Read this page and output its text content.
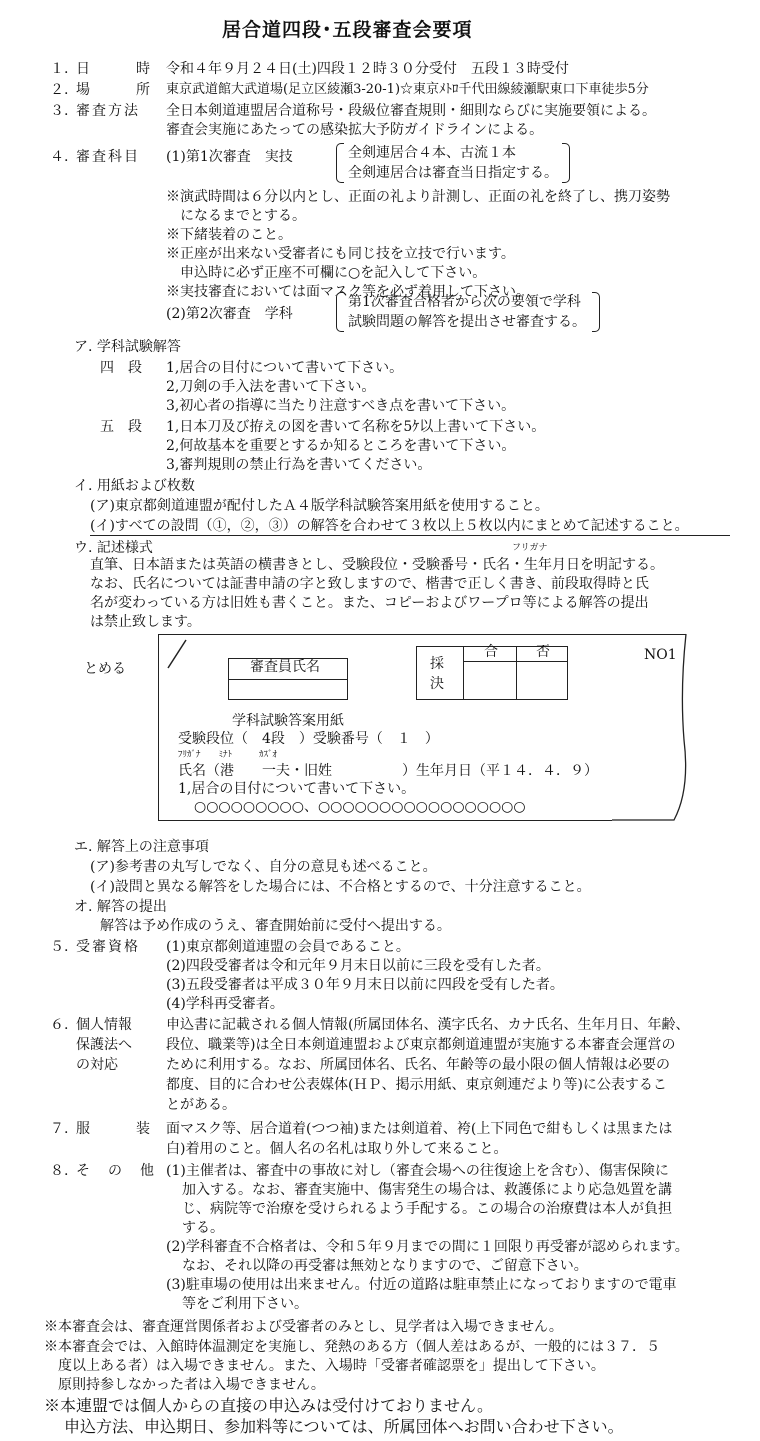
居合道四段･五段審査会要項
１. 日　　時 令和４年９月２４日(土)四段１２時３０分受付　五段１３時受付
２. 場　　所 東京武道館大武道場(足立区綾瀬3-20-1)☆東京ﾒﾄﾛ千代田線綾瀬駅東口下車徒歩5分
３. 審査方法 全日本剣道連盟居合道称号・段級位審査規則・細則ならびに実施要領による。
審査会実施にあたっての感染拡大予防ガイドラインによる。
４. 審査科目 (1)第1次審査　実技	全剣連居合４本、古流１本
全剣連居合は審査当日指定する。
※演武時間は６分以内とし、正面の礼より計測し、正面の礼を終了し、携刀姿勢
になるまでとする。
※下緒装着のこと。
※正座が出来ない受審者にも同じ技を立技で行います。
申込時に必ず正座不可欄に○を記入して下さい。
※実技審査においては面マスク等を必ず着用して下さい。
(2)第2次審査　学科
第1次審査合格者から次の要領で学科
試験問題の解答を提出させ審査する。
ア. 学科試験解答
四　段 1,居合の目付について書いて下さい。
2,刀剣の手入法を書いて下さい。
3,初心者の指導に当たり注意すべき点を書いて下さい。
五　段 1,日本刀及び拵えの図を書いて名称を5ｹ以上書いて下さい。
2,何故基本を重要とするか知るところを書いて下さい。
3,審判規則の禁止行為を書いてください。
イ. 用紙および枚数
(ア)東京都剣道連盟が配付したＡ４版学科試験答案用紙を使用すること。
(イ)すべての設問（①，②，③）の解答を合わせて３枚以上５枚以内にまとめて記述すること。
ウ. 記述様式	フリガナ
直筆、日本語または英語の横書きとし、受験段位・受験番号・氏名・生年月日を明記する。
なお、氏名については証書申請の字と致しますので、楷書で正しく書き、前段取得時と氏
名が変わっている方は旧姓も書くこと。また、コピーおよびワープロ等による解答の提出
は禁止致します。
とめる	審査員氏名	採
決
合	否	NO1
学科試験答案用紙
受験段位（　4段　）受験番号（　１　）
ﾌﾘｶﾞﾅ　　ﾐﾅﾄ　　　ｶｽﾞｵ
氏名（港　　一夫・旧姓　　　　　）生年月日（平１４．４．９）
1,居合の目付について書いて下さい。
○○○○○○○○○、○○○○○○○○○○○○○○○○○
エ. 解答上の注意事項
(ア)参考書の丸写しでなく、自分の意見も述べること。
(イ)設問と異なる解答をした場合には、不合格とするので、十分注意すること。
オ. 解答の提出
解答は予め作成のうえ、審査開始前に受付へ提出する。
５. 受審資格 (1)東京都剣道連盟の会員であること。
(2)四段受審者は令和元年９月末日以前に三段を受有した者。
(3)五段受審者は平成３０年９月末日以前に四段を受有した者。
(4)学科再受審者。
６. 個人情報
保護法へ
の対応
申込書に記載される個人情報(所属団体名、漢字氏名、カナ氏名、生年月日、年齢、
段位、職業等)は全日本剣道連盟および東京都剣道連盟が実施する本審査会運営の
ために利用する。なお、所属団体名、氏名、年齢等の最小限の個人情報は必要の
都度、目的に合わせ公表媒体(ＨＰ、掲示用紙、東京剣連だより等)に公表するこ
とがある。
７. 服　　装 面マスク等、居合道着(つつ袖)または剣道着、袴(上下同色で紺もしくは黒または
白)着用のこと。個人名の名札は取り外して来ること。
８. そ　の　他 (1)主催者は、審査中の事故に対し（審査会場への往復途上を含む）、傷害保険に
加入する。なお、審査実施中、傷害発生の場合は、救護係により応急処置を講
じ、病院等で治療を受けられるよう手配する。この場合の治療費は本人が負担
する。
(2)学科審査不合格者は、令和５年９月までの間に１回限り再受審が認められます。
なお、それ以降の再受審は無効となりますので、ご留意下さい。
(3)駐車場の使用は出来ません。付近の道路は駐車禁止になっておりますので電車
等をご利用下さい。
※本審査会は、審査運営関係者および受審者のみとし、見学者は入場できません。
※本審査会では、入館時体温測定を実施し、発熱のある方（個人差はあるが、一般的には３７．５
度以上ある者）は入場できません。また、入場時「受審者確認票を」提出して下さい。
原則持参しなかった者は入場できません。
※本連盟では個人からの直接の申込みは受付けておりません。
申込方法、申込期日、参加料等については、所属団体へお問い合わせ下さい。
